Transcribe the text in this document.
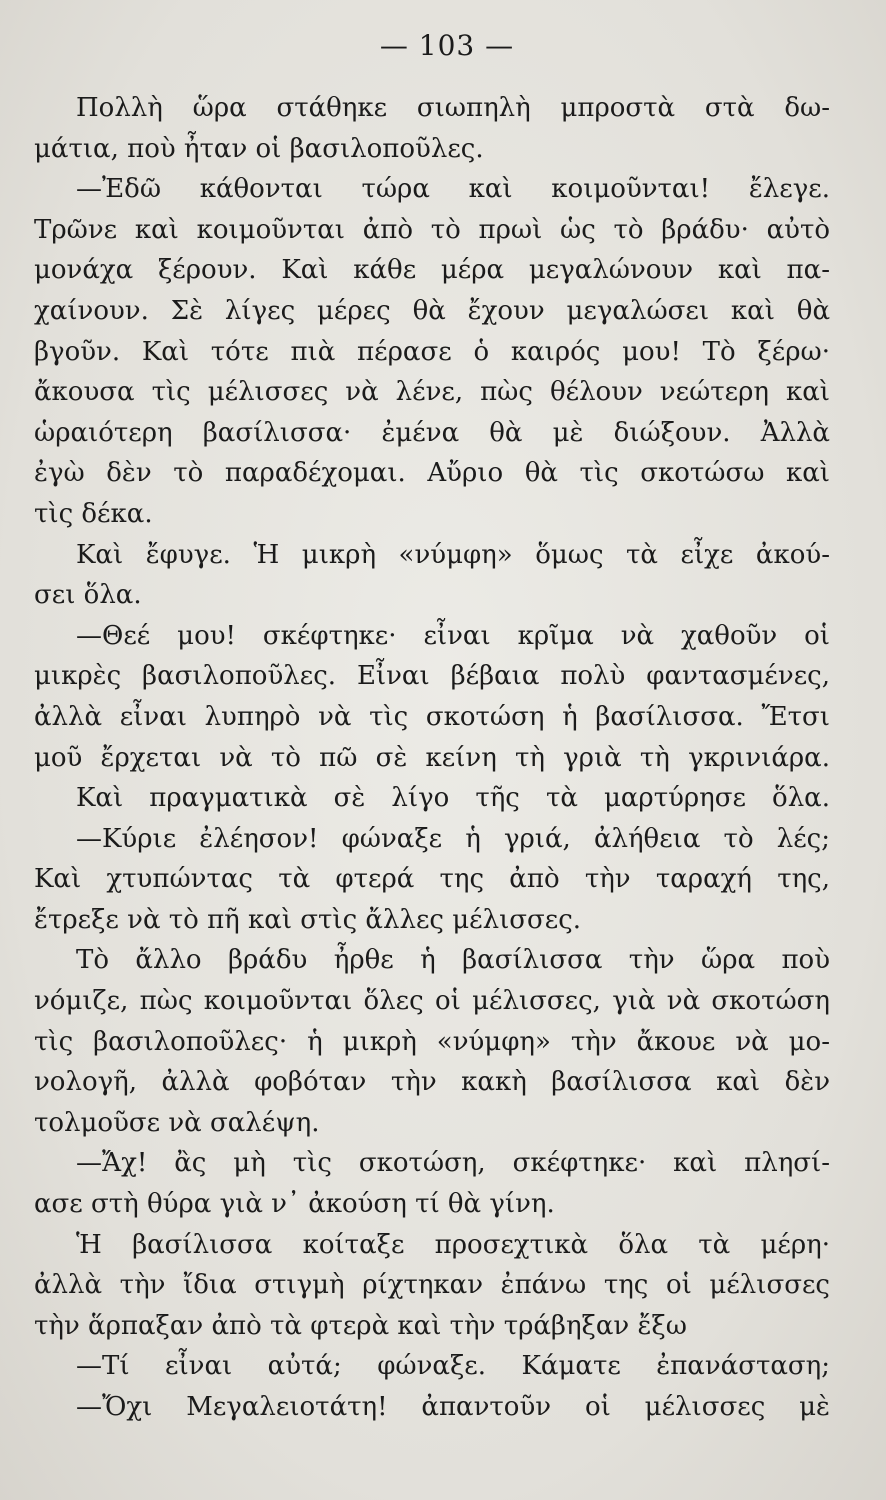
— 103 —
Πολλὴ ὥρα στάθηκε σιωπηλὴ μπροστὰ στὰ δω-
μάτια, ποὺ ἦταν οἱ βασιλοποῦλες.
—Ἐδῶ κάθονται τώρα καὶ κοιμοῦνται! ἔλεγε.
Τρῶνε καὶ κοιμοῦνται ἀπὸ τὸ πρωὶ ὡς τὸ βράδυ· αὐτὸ
μονάχα ξέρουν. Καὶ κάθε μέρα μεγαλώνουν καὶ πα-
χαίνουν. Σὲ λίγες μέρες θὰ ἔχουν μεγαλώσει καὶ θὰ
βγοῦν. Καὶ τότε πιὰ πέρασε ὁ καιρός μου! Τὸ ξέρω·
ἄκουσα τὶς μέλισσες νὰ λένε, πὼς θέλουν νεώτερη καὶ
ὡραιότερη βασίλισσα· ἐμένα θὰ μὲ διώξουν. Ἀλλὰ
ἐγὼ δὲν τὸ παραδέχομαι. Αὔριο θὰ τὶς σκοτώσω καὶ
τὶς δέκα.
Καὶ ἔφυγε. Ἡ μικρὴ «νύμφη» ὅμως τὰ εἶχε ἀκού-
σει ὅλα.
—Θεέ μου! σκέφτηκε· εἶναι κρῖμα νὰ χαθοῦν οἱ
μικρὲς βασιλοποῦλες. Εἶναι βέβαια πολὺ φαντασμένες,
ἀλλὰ εἶναι λυπηρὸ νὰ τὶς σκοτώση ἡ βασίλισσα. Ἔτσι
μοῦ ἔρχεται νὰ τὸ πῶ σὲ κείνη τὴ γριὰ τὴ γκρινιάρα.
Καὶ πραγματικὰ σὲ λίγο τῆς τὰ μαρτύρησε ὅλα.
—Κύριε ἐλέησον! φώναξε ἡ γριά, ἀλήθεια τὸ λές;
Καὶ χτυπώντας τὰ φτερά της ἀπὸ τὴν ταραχή της,
ἔτρεξε νὰ τὸ πῆ καὶ στὶς ἄλλες μέλισσες.
Τὸ ἄλλο βράδυ ἦρθε ἡ βασίλισσα τὴν ὥρα ποὺ
νόμιζε, πὼς κοιμοῦνται ὅλες οἱ μέλισσες, γιὰ νὰ σκοτώση
τὶς βασιλοποῦλες· ἡ μικρὴ «νύμφη» τὴν ἄκουε νὰ μο-
νολογῆ, ἀλλὰ φοβόταν τὴν κακὴ βασίλισσα καὶ δὲν
τολμοῦσε νὰ σαλέψη.
—Ἄχ! ἂς μὴ τὶς σκοτώση, σκέφτηκε· καὶ πλησί-
ασε στὴ θύρα γιὰ ν᾿ ἀκούση τί θὰ γίνη.
Ἡ βασίλισσα κοίταξε προσεχτικὰ ὅλα τὰ μέρη·
ἀλλὰ τὴν ἴδια στιγμὴ ρίχτηκαν ἐπάνω της οἱ μέλισσες
τὴν ἅρπαξαν ἀπὸ τὰ φτερὰ καὶ τὴν τράβηξαν ἔξω
—Τί εἶναι αὐτά; φώναξε. Κάματε ἐπανάσταση;
—Ὄχι Μεγαλειοτάτη! ἀπαντοῦν οἱ μέλισσες μὲ
